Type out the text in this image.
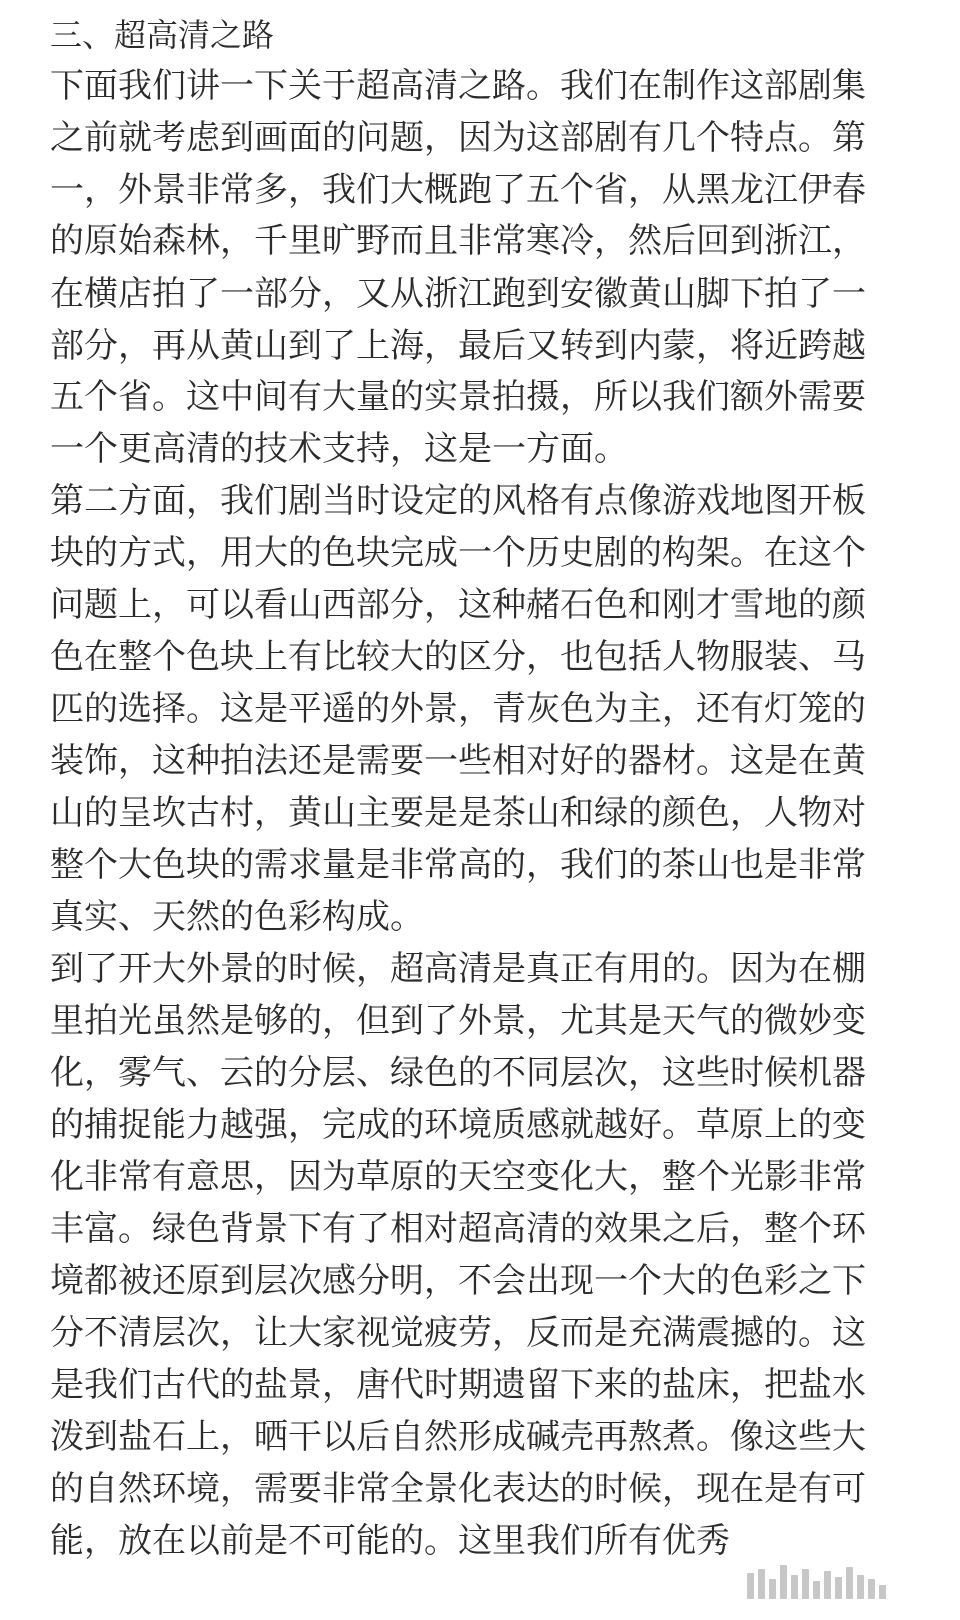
三、超高清之路
下面我们讲一下关于超高清之路。我们在制作这部剧集
之前就考虑到画面的问题，因为这部剧有几个特点。第
一，外景非常多，我们大概跑了五个省，从黑龙江伊春
的原始森林，千里旷野而且非常寒冷，然后回到浙江，
在横店拍了一部分，又从浙江跑到安徽黄山脚下拍了一
部分，再从黄山到了上海，最后又转到内蒙，将近跨越
五个省。这中间有大量的实景拍摄，所以我们额外需要
一个更高清的技术支持，这是一方面。
第二方面，我们剧当时设定的风格有点像游戏地图开板
块的方式，用大的色块完成一个历史剧的构架。在这个
问题上，可以看山西部分，这种赭石色和刚才雪地的颜
色在整个色块上有比较大的区分，也包括人物服装、马
匹的选择。这是平遥的外景，青灰色为主，还有灯笼的
装饰，这种拍法还是需要一些相对好的器材。这是在黄
山的呈坎古村，黄山主要是是茶山和绿的颜色，人物对
整个大色块的需求量是非常高的，我们的茶山也是非常
真实、天然的色彩构成。
到了开大外景的时候，超高清是真正有用的。因为在棚
里拍光虽然是够的，但到了外景，尤其是天气的微妙变
化，雾气、云的分层、绿色的不同层次，这些时候机器
的捕捉能力越强，完成的环境质感就越好。草原上的变
化非常有意思，因为草原的天空变化大，整个光影非常
丰富。绿色背景下有了相对超高清的效果之后，整个环
境都被还原到层次感分明，不会出现一个大的色彩之下
分不清层次，让大家视觉疲劳，反而是充满震撼的。这
是我们古代的盐景，唐代时期遗留下来的盐床，把盐水
泼到盐石上，晒干以后自然形成碱壳再熬煮。像这些大
的自然环境，需要非常全景化表达的时候，现在是有可
能，放在以前是不可能的。这里我们所有优秀
